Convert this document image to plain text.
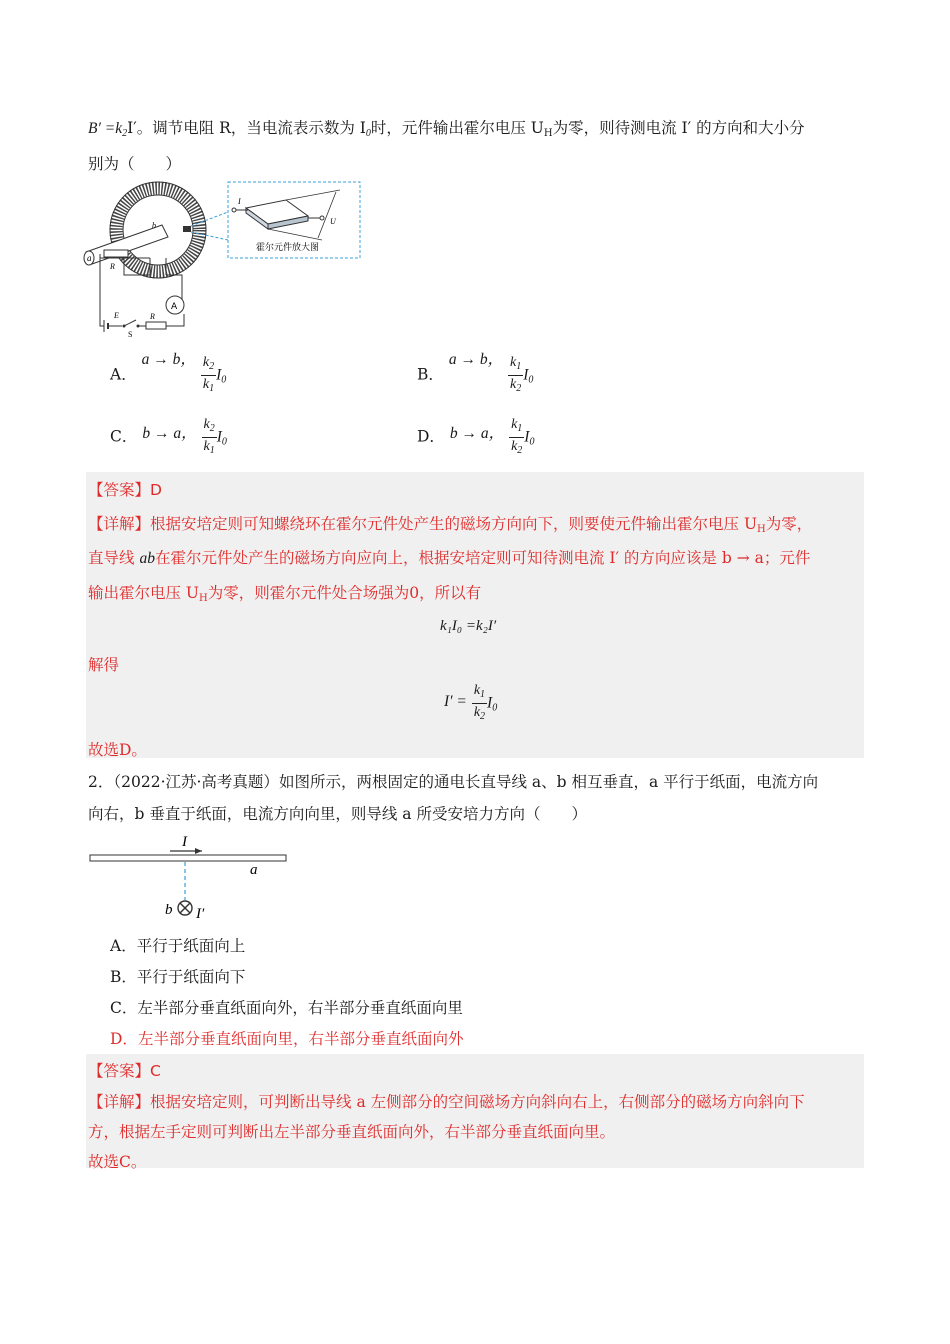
$B' =k_2I'$。调节电阻 R，当电流表示数为 $I_0$时，元件输出霍尔电压 $U_H$为零，则待测电流 I′ 的方向和大小分
别为（　　）
I
U
霍尔元件放大图
a
b
R
A
E
S
R
A． a → b， $\frac{k_2}{k_1} I_0$	B． a → b， $\frac{k_1}{k_2} I_0$
C． b → a， $\frac{k_2}{k_1} I_0$	D． b → a， $\frac{k_1}{k_2} I_0$
【答案】D
【详解】根据安培定则可知螺绕环在霍尔元件处产生的磁场方向向下，则要使元件输出霍尔电压 $U_H$为零，
直导线 ab在霍尔元件处产生的磁场方向应向上，根据安培定则可知待测电流 I′ 的方向应该是 b → a；元件
输出霍尔电压 $U_H$为零，则霍尔元件处合场强为0，所以有
k₁I₀ =k₂I′
解得
$I' = \frac{k_1}{k_2} I_0$
故选D。
2．（2022·江苏·高考真题）如图所示，两根固定的通电长直导线 a、b 相互垂直，a 平行于纸面，电流方向
向右，b 垂直于纸面，电流方向向里，则导线 a 所受安培力方向（　　）
I
a
b I′
A．平行于纸面向上
B．平行于纸面向下
C．左半部分垂直纸面向外，右半部分垂直纸面向里
D．左半部分垂直纸面向里，右半部分垂直纸面向外
【答案】C
【详解】根据安培定则，可判断出导线 a 左侧部分的空间磁场方向斜向右上，右侧部分的磁场方向斜向下
方，根据左手定则可判断出左半部分垂直纸面向外，右半部分垂直纸面向里。
故选C。
